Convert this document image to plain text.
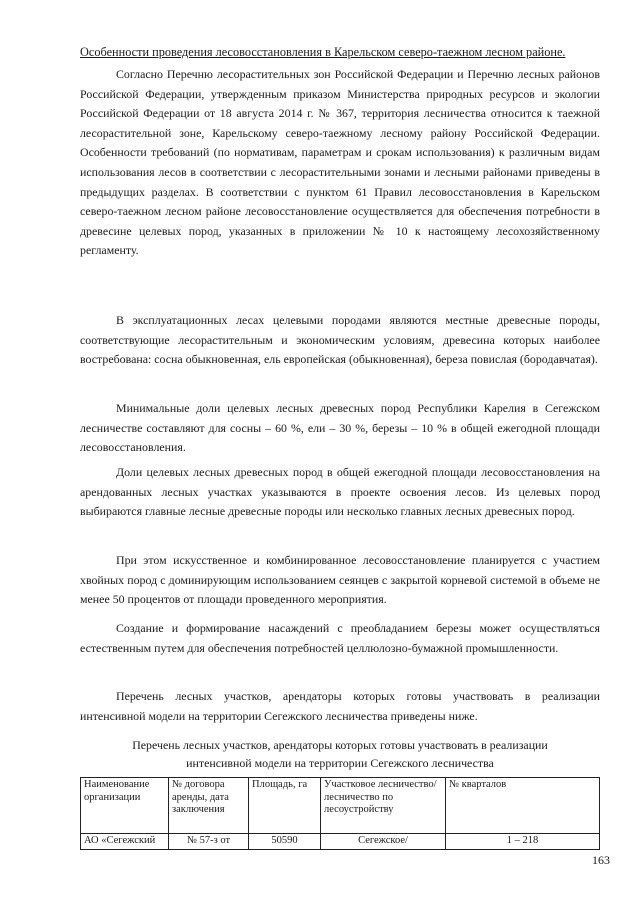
Особенности проведения лесовосстановления в Карельском северо-таежном лесном районе.

Согласно Перечню лесорастительных зон Российской Федерации и Перечню лесных районов Российской Федерации, утвержденным приказом Министерства природных ресурсов и экологии Российской Федерации от 18 августа 2014 г. № 367, территория лесничества относится к таежной лесорастительной зоне, Карельскому северо-таежному лесному району Российской Федерации. Особенности требований (по нормативам, параметрам и срокам использования) к различным видам использования лесов в соответствии с лесорастительными зонами и лесными районами приведены в предыдущих разделах. В соответствии с пунктом 61 Правил лесовосстановления в Карельском северо-таежном лесном районе лесовосстановление осуществляется для обеспечения потребности в древесине целевых пород, указанных в приложении № 10 к настоящему лесохозяйственному регламенту.

В эксплуатационных лесах целевыми породами являются местные древесные породы, соответствующие лесорастительным и экономическим условиям, древесина которых наиболее востребована: сосна обыкновенная, ель европейская (обыкновенная), береза повислая (бородавчатая).

Минимальные доли целевых лесных древесных пород Республики Карелия в Сегежском лесничестве составляют для сосны – 60 %, ели – 30 %, березы – 10 % в общей ежегодной площади лесовосстановления.

Доли целевых лесных древесных пород в общей ежегодной площади лесовосстановления на арендованных лесных участках указываются в проекте освоения лесов. Из целевых пород выбираются главные лесные древесные породы или несколько главных лесных древесных пород.

При этом искусственное и комбинированное лесовосстановление планируется с участием хвойных пород с доминирующим использованием сеянцев с закрытой корневой системой в объеме не менее 50 процентов от площади проведенного мероприятия.

Создание и формирование насаждений с преобладанием березы может осуществляться естественным путем для обеспечения потребностей целлюлозно-бумажной промышленности.

Перечень лесных участков, арендаторы которых готовы участвовать в реализации интенсивной модели на территории Сегежского лесничества приведены ниже.

Перечень лесных участков, арендаторы которых готовы участвовать в реализации
интенсивной модели на территории Сегежского лесничества
Наименование организации	№ договора аренды, дата заключения	Площадь, га	Участковое лесничество/ лесничество по лесоустройству	№ кварталов
АО «Сегежский	№ 57-з от	50590	Сегежское/	1 – 218
163
